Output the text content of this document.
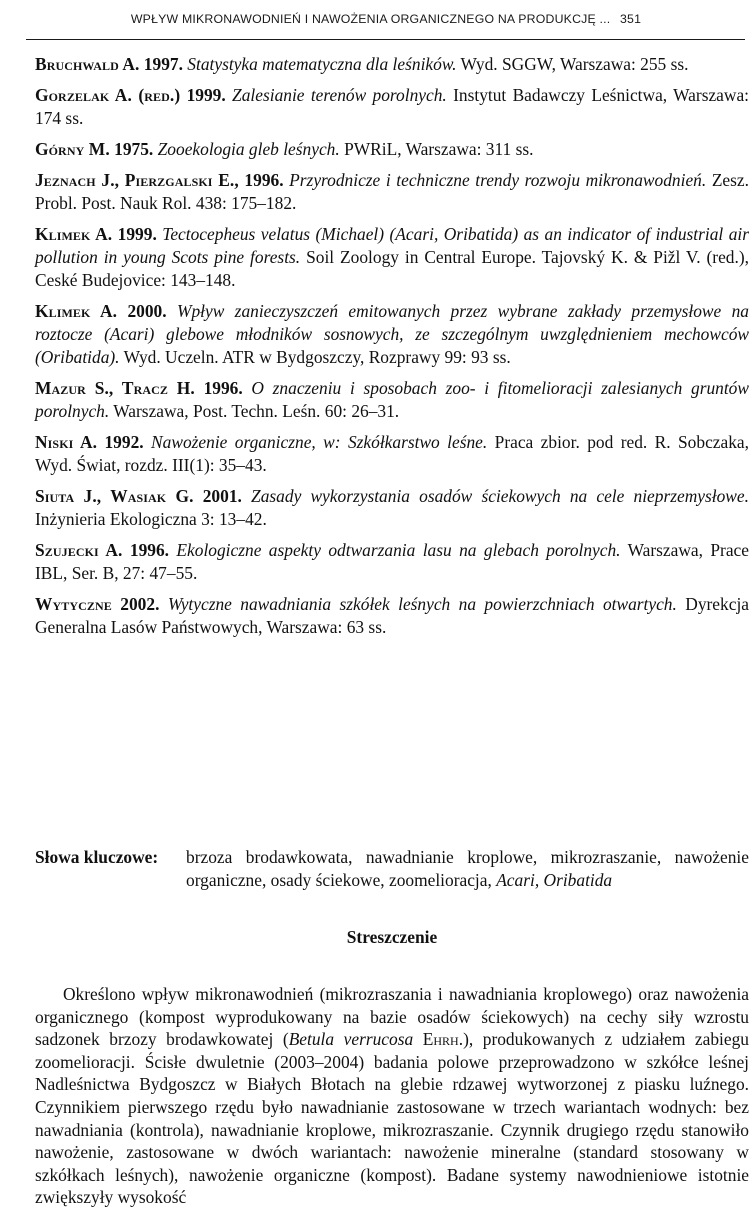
WPŁYW MIKRONAWODNIEŃ I NAWOŻENIA ORGANICZNEGO NA PRODUKCJĘ ... 351

Bruchwald A. 1997. Statystyka matematyczna dla leśników. Wyd. SGGW, Warszawa: 255 ss.

Gorzelak A. (red.) 1999. Zalesianie terenów porolnych. Instytut Badawczy Leśnictwa, Warszawa: 174 ss.

Górny M. 1975. Zooekologia gleb leśnych. PWRiL, Warszawa: 311 ss.

Jeznach J., Pierzgalski E., 1996. Przyrodnicze i techniczne trendy rozwoju mikronawodnień. Zesz. Probl. Post. Nauk Rol. 438: 175–182.

Klimek A. 1999. Tectocepheus velatus (Michael) (Acari, Oribatida) as an indicator of industrial air pollution in young Scots pine forests. Soil Zoology in Central Europe. Tajovský K. & Pižl V. (red.), Ceské Budejovice: 143–148.

Klimek A. 2000. Wpływ zanieczyszczeń emitowanych przez wybrane zakłady przemysłowe na roztocze (Acari) glebowe młodników sosnowych, ze szczególnym uwzględnieniem mechowców (Oribatida). Wyd. Uczeln. ATR w Bydgoszczy, Rozprawy 99: 93 ss.

Mazur S., Tracz H. 1996. O znaczeniu i sposobach zoo- i fitomelioracji zalesianych gruntów porolnych. Warszawa, Post. Techn. Leśn. 60: 26–31.

Niski A. 1992. Nawożenie organiczne, w: Szkółkarstwo leśne. Praca zbior. pod red. R. Sobczaka, Wyd. Świat, rozdz. III(1): 35–43.

Siuta J., Wasiak G. 2001. Zasady wykorzystania osadów ściekowych na cele nieprzemysłowe. Inżynieria Ekologiczna 3: 13–42.

Szujecki A. 1996. Ekologiczne aspekty odtwarzania lasu na glebach porolnych. Warszawa, Prace IBL, Ser. B, 27: 47–55.

Wytyczne 2002. Wytyczne nawadniania szkółek leśnych na powierzchniach otwartych. Dyrekcja Generalna Lasów Państwowych, Warszawa: 63 ss.

Słowa kluczowe:	brzoza brodawkowata, nawadnianie kroplowe, mikrozraszanie, nawożenie organiczne, osady ściekowe, zoomelioracja, Acari, Oribatida
Streszczenie

Określono wpływ mikronawodnień (mikrozraszania i nawadniania kroplowego) oraz nawożenia organicznego (kompost wyprodukowany na bazie osadów ściekowych) na cechy siły wzrostu sadzonek brzozy brodawkowatej (Betula verrucosa Ehrh.), produkowanych z udziałem zabiegu zoomelioracji. Ścisłe dwuletnie (2003–2004) badania polowe przeprowadzono w szkółce leśnej Nadleśnictwa Bydgoszcz w Białych Błotach na glebie rdzawej wytworzonej z piasku luźnego. Czynnikiem pierwszego rzędu było nawadnianie zastosowane w trzech wariantach wodnych: bez nawadniania (kontrola), nawadnianie kroplowe, mikrozraszanie. Czynnik drugiego rzędu stanowiło nawożenie, zastosowane w dwóch wariantach: nawożenie mineralne (standard stosowany w szkółkach leśnych), nawożenie organiczne (kompost). Badane systemy nawodnieniowe istotnie zwiększyły wysokość
